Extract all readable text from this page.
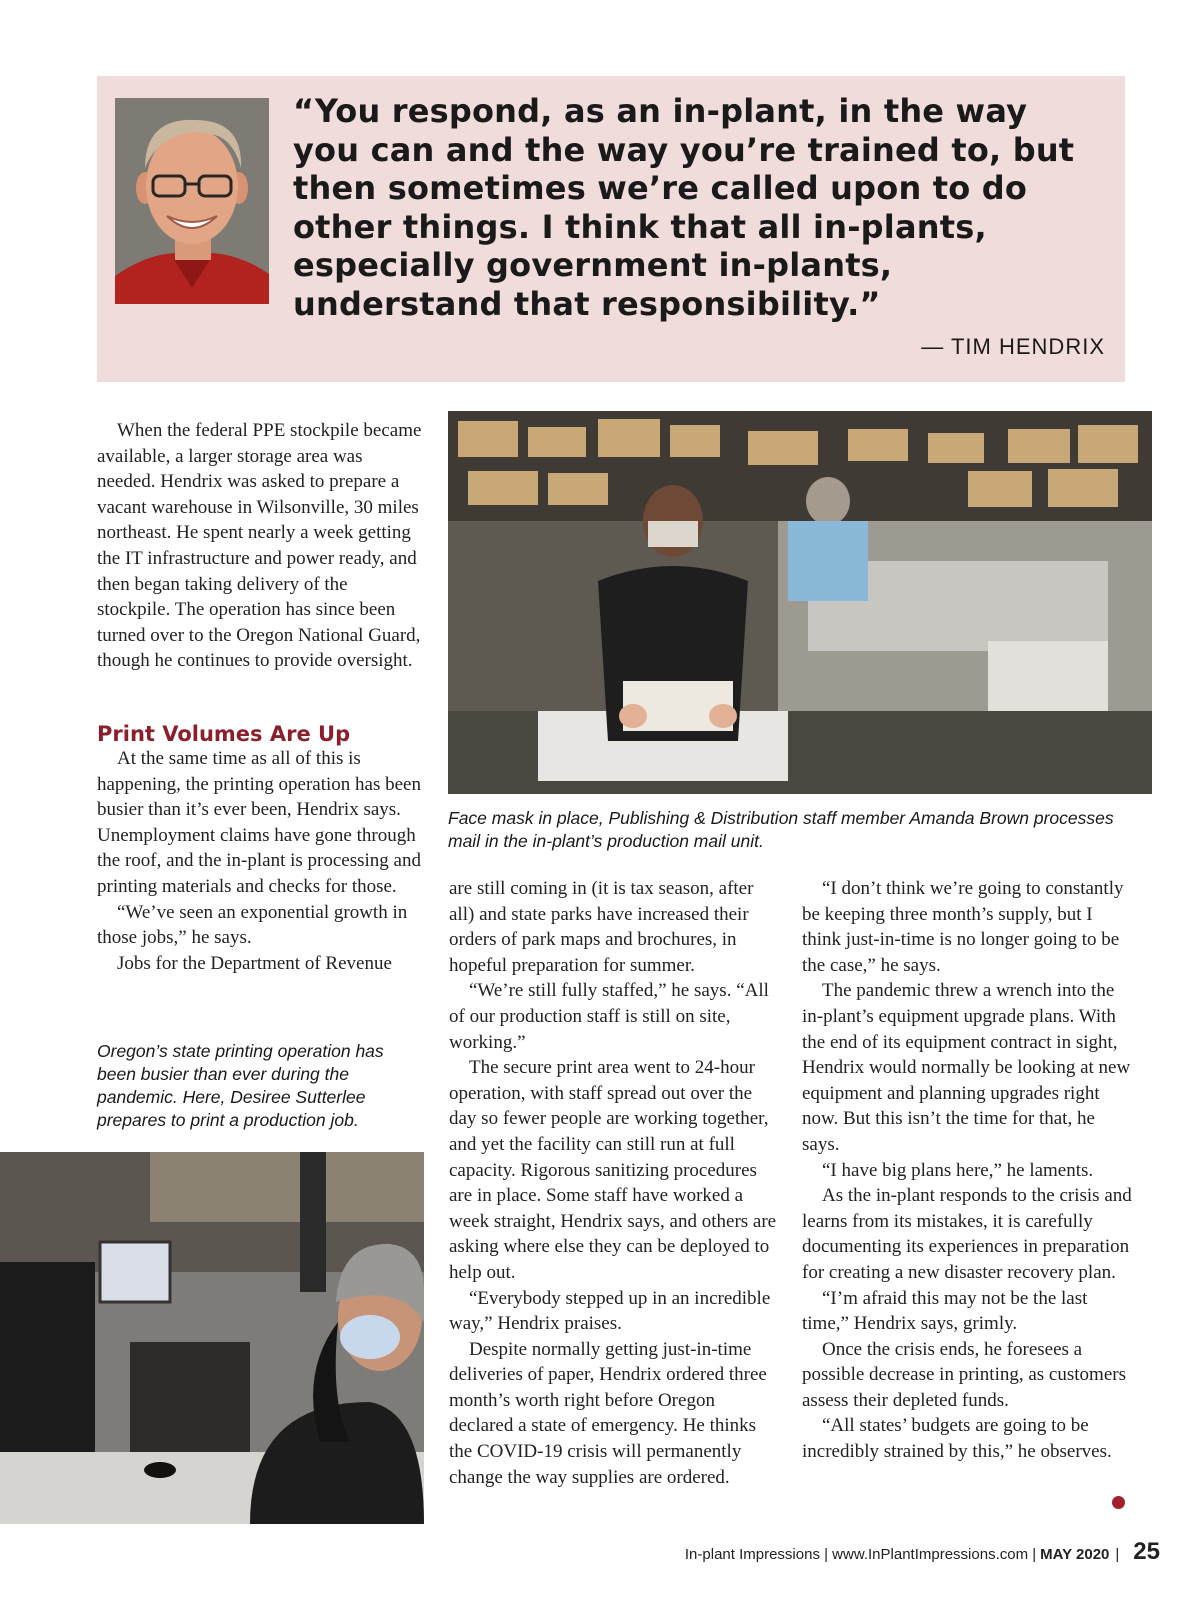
“You respond, as an in-plant, in the way you can and the way you’re trained to, but then sometimes we’re called upon to do other things. I think that all in-plants, especially government in-plants, understand that responsibility.”
— TIM HENDRIX

When the federal PPE stockpile became available, a larger storage area was needed. Hendrix was asked to prepare a vacant warehouse in Wilsonville, 30 miles northeast. He spent nearly a week getting the IT infrastructure and power ready, and then began taking delivery of the stockpile. The operation has since been turned over to the Oregon National Guard, though he continues to provide oversight.

Print Volumes Are Up

At the same time as all of this is happening, the printing operation has been busier than it’s ever been, Hendrix says. Unemployment claims have gone through the roof, and the in-plant is processing and printing materials and checks for those.

“We’ve seen an exponential growth in those jobs,” he says.

Jobs for the Department of Revenue

Face mask in place, Publishing & Distribution staff member Amanda Brown processes mail in the in-plant’s production mail unit.

are still coming in (it is tax season, after all) and state parks have increased their orders of park maps and brochures, in hopeful preparation for summer.

“We’re still fully staffed,” he says. “All of our production staff is still on site, working.”

The secure print area went to 24-hour operation, with staff spread out over the day so fewer people are working together, and yet the facility can still run at full capacity. Rigorous sanitizing procedures are in place. Some staff have worked a week straight, Hendrix says, and others are asking where else they can be deployed to help out.

“Everybody stepped up in an incredible way,” Hendrix praises.

Despite normally getting just-in-time deliveries of paper, Hendrix ordered three month’s worth right before Oregon declared a state of emergency. He thinks the COVID-19 crisis will permanently change the way supplies are ordered.

“I don’t think we’re going to constantly be keeping three month’s supply, but I think just-in-time is no longer going to be the case,” he says.

The pandemic threw a wrench into the in-plant’s equipment upgrade plans. With the end of its equipment contract in sight, Hendrix would normally be looking at new equipment and planning upgrades right now. But this isn’t the time for that, he says.

“I have big plans here,” he laments.

As the in-plant responds to the crisis and learns from its mistakes, it is carefully documenting its experiences in preparation for creating a new disaster recovery plan.

“I’m afraid this may not be the last time,” Hendrix says, grimly.

Once the crisis ends, he foresees a possible decrease in printing, as customers assess their depleted funds.

“All states’ budgets are going to be incredibly strained by this,” he observes.

Oregon’s state printing operation has been busier than ever during the pandemic. Here, Desiree Sutterlee prepares to print a production job.
In-plant Impressions | www.InPlantImpressions.com | MAY 2020 | 25
